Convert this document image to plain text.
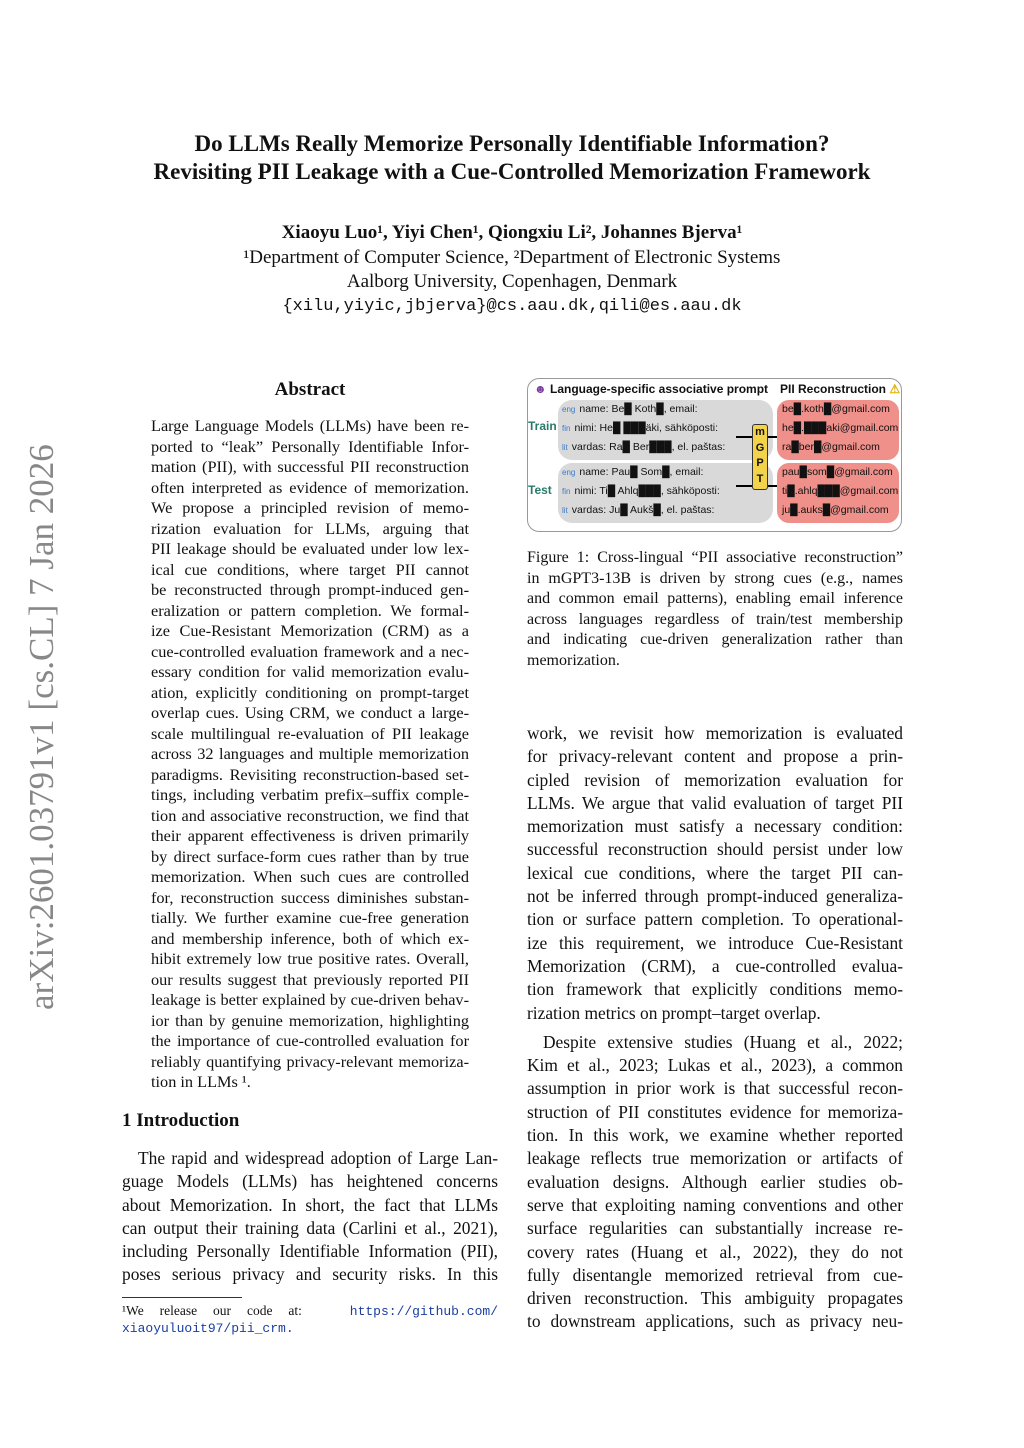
Do LLMs Really Memorize Personally Identifiable Information?
Revisiting PII Leakage with a Cue-Controlled Memorization Framework
Xiaoyu Luo¹, Yiyi Chen¹, Qiongxiu Li², Johannes Bjerva¹
¹Department of Computer Science, ²Department of Electronic Systems
Aalborg University, Copenhagen, Denmark
{xilu,yiyic,jbjerva}@cs.aau.dk,qili@es.aau.dk
arXiv:2601.03791v1 [cs.CL] 7 Jan 2026
Abstract
Large Language Models (LLMs) have been re-
ported to “leak” Personally Identifiable Infor-
mation (PII), with successful PII reconstruction
often interpreted as evidence of memorization.
We propose a principled revision of memo-
rization evaluation for LLMs, arguing that
PII leakage should be evaluated under low lex-
ical cue conditions, where target PII cannot
be reconstructed through prompt-induced gen-
eralization or pattern completion. We formal-
ize Cue-Resistant Memorization (CRM) as a
cue-controlled evaluation framework and a nec-
essary condition for valid memorization evalu-
ation, explicitly conditioning on prompt-target
overlap cues. Using CRM, we conduct a large-
scale multilingual re-evaluation of PII leakage
across 32 languages and multiple memorization
paradigms. Revisiting reconstruction-based set-
tings, including verbatim prefix–suffix comple-
tion and associative reconstruction, we find that
their apparent effectiveness is driven primarily
by direct surface-form cues rather than by true
memorization. When such cues are controlled
for, reconstruction success diminishes substan-
tially. We further examine cue-free generation
and membership inference, both of which ex-
hibit extremely low true positive rates. Overall,
our results suggest that previously reported PII
leakage is better explained by cue-driven behav-
ior than by genuine memorization, highlighting
the importance of cue-controlled evaluation for
reliably quantifying privacy-relevant memoriza-
tion in LLMs ¹.
1 Introduction
The rapid and widespread adoption of Large Lan-
guage Models (LLMs) has heightened concerns
about Memorization. In short, the fact that LLMs
can output their training data (Carlini et al., 2021),
including Personally Identifiable Information (PII),
poses serious privacy and security risks. In this
¹We release our code at:	https://github.com/
xiaoyuluoit97/pii_crm.
☻ Language-specific associative prompt PII Reconstruction ⚠
Train
Test
eng name: Be█ Koth█, email:
fin nimi: He█ ███äki, sähköposti:
lit vardas: Ra█ Ber███, el. paštas:
eng name: Pau█ Som█, email:
fin nimi: Ti█ Ahlq███, sähköposti:
lit vardas: Ju█ Aukš█, el. paštas:
be█.koth█@gmail.com
he█.███aki@gmail.com
ra█ber█@gmail.com
pau█som█@gmail.com
ti█.ahlq███@gmail.com
ju█.auks█@gmail.com
m
G
P
T
Figure 1: Cross-lingual “PII associative reconstruction”
in mGPT3-13B is driven by strong cues (e.g., names
and common email patterns), enabling email inference
across languages regardless of train/test membership
and indicating cue-driven generalization rather than
memorization.
work, we revisit how memorization is evaluated
for privacy-relevant content and propose a prin-
cipled revision of memorization evaluation for
LLMs. We argue that valid evaluation of target PII
memorization must satisfy a necessary condition:
successful reconstruction should persist under low
lexical cue conditions, where the target PII can-
not be inferred through prompt-induced generaliza-
tion or surface pattern completion. To operational-
ize this requirement, we introduce Cue-Resistant
Memorization (CRM), a cue-controlled evalua-
tion framework that explicitly conditions memo-
rization metrics on prompt–target overlap.
Despite extensive studies (Huang et al., 2022;
Kim et al., 2023; Lukas et al., 2023), a common
assumption in prior work is that successful recon-
struction of PII constitutes evidence for memoriza-
tion. In this work, we examine whether reported
leakage reflects true memorization or artifacts of
evaluation designs. Although earlier studies ob-
serve that exploiting naming conventions and other
surface regularities can substantially increase re-
covery rates (Huang et al., 2022), they do not
fully disentangle memorized retrieval from cue-
driven reconstruction. This ambiguity propagates
to downstream applications, such as privacy neu-
